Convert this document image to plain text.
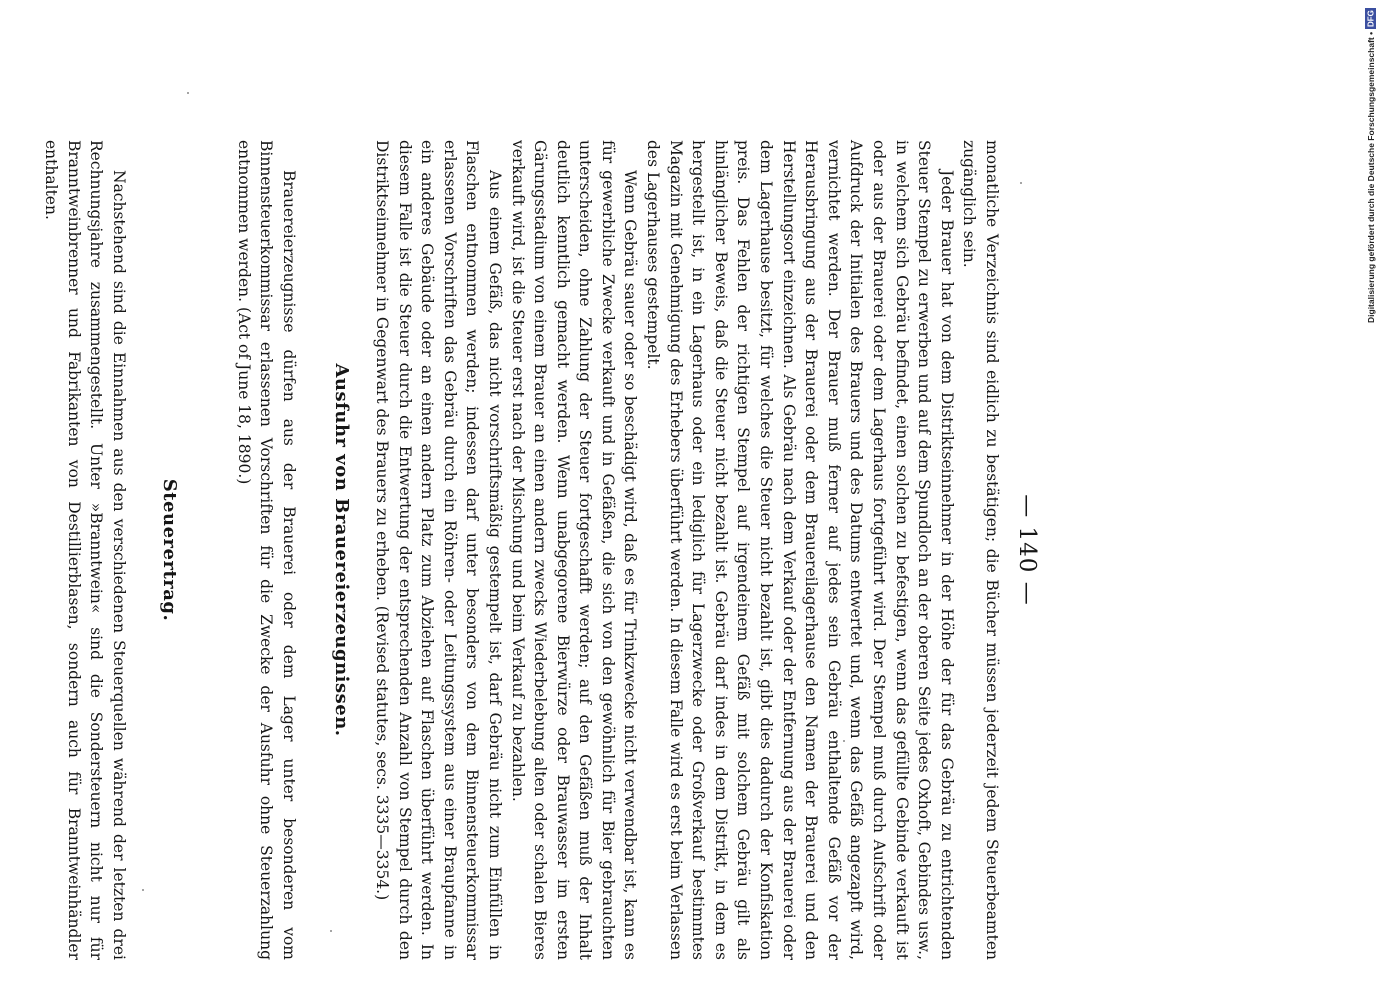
— 140 —

monatliche Verzeichnis sind eidlich zu bestätigen; die Bücher müssen jederzeit jedem Steuerbeamten zugänglich sein.

Jeder Brauer hat von dem Distriktseinnehmer in der Höhe der für das Gebräu zu entrichtenden Steuer Stempel zu erwerben und auf dem Spundloch an der oberen Seite jedes Oxhoft, Gebindes usw., in welchem sich Gebräu befindet, einen solchen zu befestigen, wenn das gefüllte Gebinde verkauft ist oder aus der Brauerei oder dem Lagerhaus fortgeführt wird. Der Stempel muß durch Aufschrift oder Aufdruck der Initialen des Brauers und des Datums entwertet und, wenn das Gefäß angezapft wird, vernichtet werden. Der Brauer muß ferner auf jedes sein Gebräu enthaltende Gefäß vor der Herausbringung aus der Brauerei oder dem Brauereilagerhause den Namen der Brauerei und den Herstellungsort einzeichnen. Als Gebräu nach dem Verkauf oder der Entfernung aus der Brauerei oder dem Lagerhause besitzt, für welches die Steuer nicht bezahlt ist, gibt dies dadurch der Konfiskation preis. Das Fehlen der richtigen Stempel auf irgendeinem Gefäß mit solchem Gebräu gilt als hinlänglicher Beweis, daß die Steuer nicht bezahlt ist. Gebräu darf indes in dem Distrikt, in dem es hergestellt ist, in ein Lagerhaus oder ein lediglich für Lagerzwecke oder Großverkauf bestimmtes Magazin mit Genehmigung des Erhebers überführt werden. In diesem Falle wird es erst beim Verlassen des Lagerhauses gestempelt.

Wenn Gebräu sauer oder so beschädigt wird, daß es für Trinkzwecke nicht verwendbar ist, kann es für gewerbliche Zwecke verkauft und in Gefäßen, die sich von den gewöhnlich für Bier gebrauchten unterscheiden, ohne Zahlung der Steuer fortgeschafft werden; auf den Gefäßen muß der Inhalt deutlich kenntlich gemacht werden. Wenn unabgegorene Bierwürze oder Brauwasser im ersten Gärungsstadium von einem Brauer an einen andern zwecks Wiederbelebung alten oder schalen Bieres verkauft wird, ist die Steuer erst nach der Mischung und beim Verkauf zu bezahlen.

Aus einem Gefäß, das nicht vorschriftsmäßig gestempelt ist, darf Gebräu nicht zum Einfüllen in Flaschen entnommen werden; indessen darf unter besonders von dem Binnensteuerkommissar erlassenen Vorschriften das Gebräu durch ein Röhren- oder Leitungssystem aus einer Braupfanne in ein anderes Gebäude oder an einen andern Platz zum Abziehen auf Flaschen überführt werden. In diesem Falle ist die Steuer durch die Entwertung der entsprechenden Anzahl von Stempel durch den Distriktseinnehmer in Gegenwart des Brauers zu erheben. (Revised statutes, secs. 3335—3354.)

Ausfuhr von Brauereierzeugnissen.

Brauereierzeugnisse dürfen aus der Brauerei oder dem Lager unter besonderen vom Binnensteuerkommissar erlassenen Vorschriften für die Zwecke der Ausfuhr ohne Steuerzahlung entnommen werden. (Act of June 18, 1890.)

Steuerertrag.

Nachstehend sind die Einnahmen aus den verschiedenen Steuerquellen während der letzten drei Rechnungsjahre zusammengestellt. Unter »Branntwein« sind die Sondersteuern nicht nur für Branntweinbrenner und Fabrikanten von Destillierblasen, sondern auch für Branntweinhändler enthalten.	Digitalisierung gefördert durch die Deutsche Forschungsgemeinschaft •
DFG
